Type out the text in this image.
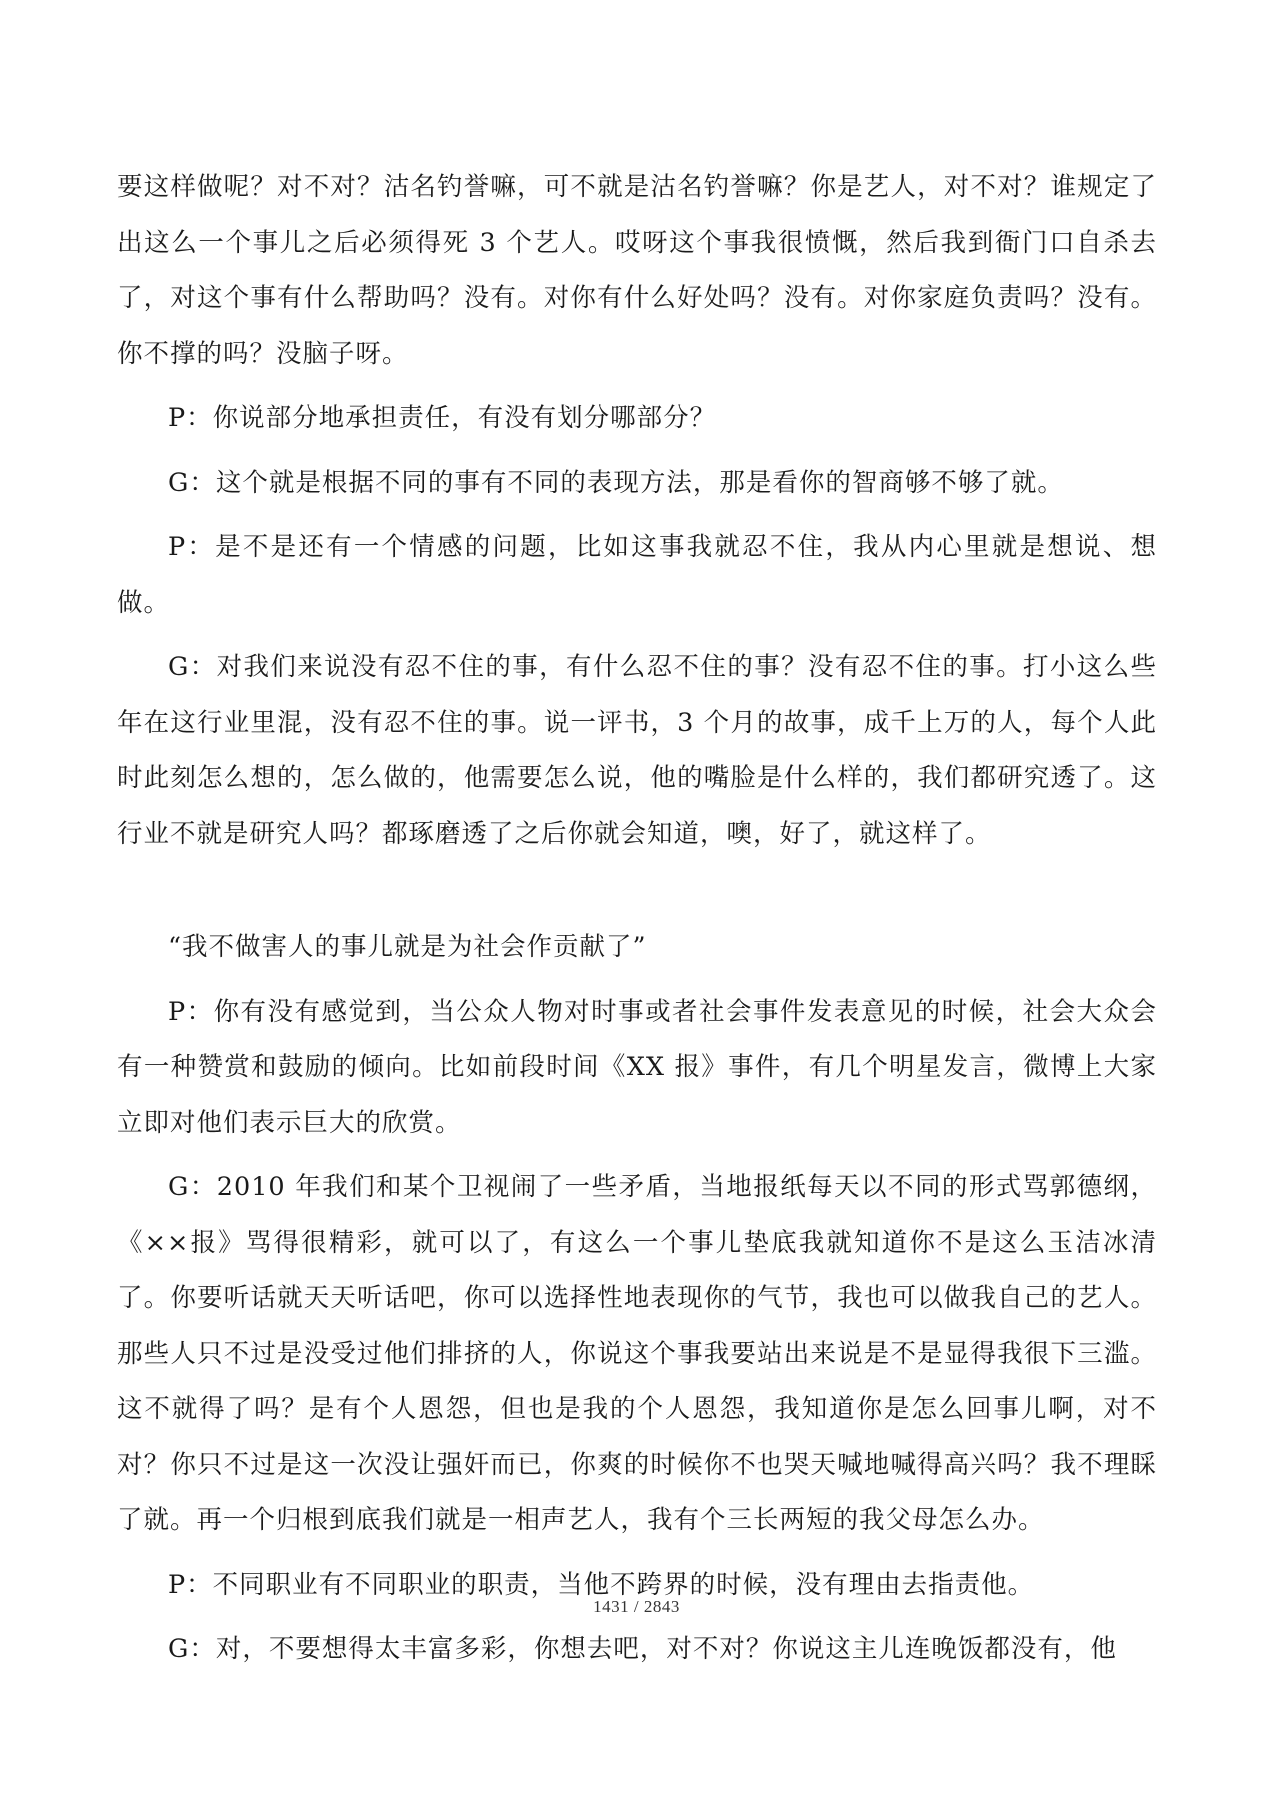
要这样做呢？对不对？沽名钓誉嘛，可不就是沽名钓誉嘛？你是艺人，对不对？谁规定了出这么一个事儿之后必须得死 3 个艺人。哎呀这个事我很愤慨，然后我到衙门口自杀去了，对这个事有什么帮助吗？没有。对你有什么好处吗？没有。对你家庭负责吗？没有。你不撑的吗？没脑子呀。

P：你说部分地承担责任，有没有划分哪部分？

G：这个就是根据不同的事有不同的表现方法，那是看你的智商够不够了就。

P：是不是还有一个情感的问题，比如这事我就忍不住，我从内心里就是想说、想做。

G：对我们来说没有忍不住的事，有什么忍不住的事？没有忍不住的事。打小这么些年在这行业里混，没有忍不住的事。说一评书，3 个月的故事，成千上万的人，每个人此时此刻怎么想的，怎么做的，他需要怎么说，他的嘴脸是什么样的，我们都研究透了。这行业不就是研究人吗？都琢磨透了之后你就会知道，噢，好了，就这样了。

“我不做害人的事儿就是为社会作贡献了”

P：你有没有感觉到，当公众人物对时事或者社会事件发表意见的时候，社会大众会有一种赞赏和鼓励的倾向。比如前段时间《XX 报》事件，有几个明星发言，微博上大家立即对他们表示巨大的欣赏。

G：2010 年我们和某个卫视闹了一些矛盾，当地报纸每天以不同的形式骂郭德纲，《××报》骂得很精彩，就可以了，有这么一个事儿垫底我就知道你不是这么玉洁冰清了。你要听话就天天听话吧，你可以选择性地表现你的气节，我也可以做我自己的艺人。那些人只不过是没受过他们排挤的人，你说这个事我要站出来说是不是显得我很下三滥。这不就得了吗？是有个人恩怨，但也是我的个人恩怨，我知道你是怎么回事儿啊，对不对？你只不过是这一次没让强奸而已，你爽的时候你不也哭天喊地喊得高兴吗？我不理睬了就。再一个归根到底我们就是一相声艺人，我有个三长两短的我父母怎么办。

P：不同职业有不同职业的职责，当他不跨界的时候，没有理由去指责他。

G：对，不要想得太丰富多彩，你想去吧，对不对？你说这主儿连晚饭都没有，他

1431 / 2843
